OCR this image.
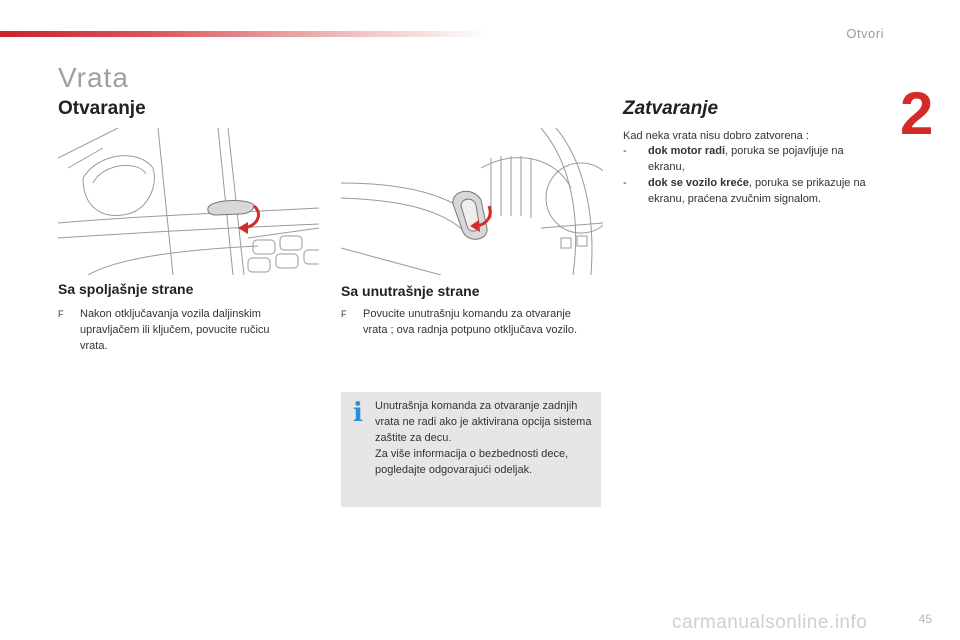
Otvori
2
Vrata
Otvaranje	Zatvaranje
Sa spoljašnje strane	Sa unutrašnje strane
F	Nakon otključavanja vozila daljinskim upravljačem ili ključem, povucite ručicu vrata.
F	Povucite unutrašnju komandu za otvaranje vrata ; ova radnja potpuno otključava vozilo.
i Unutrašnja komanda za otvaranje zadnjih vrata ne radi ako je aktivirana opcija sistema zaštite za decu.
Za više informacija o bezbednosti dece, pogledajte odgovarajući odeljak.
Kad neka vrata nisu dobro zatvorena :
- dok motor radi, poruka se pojavljuje na ekranu,
- dok se vozilo kreće, poruka se prikazuje na ekranu, praćena zvučnim signalom.
carmanualsonline.info	45
